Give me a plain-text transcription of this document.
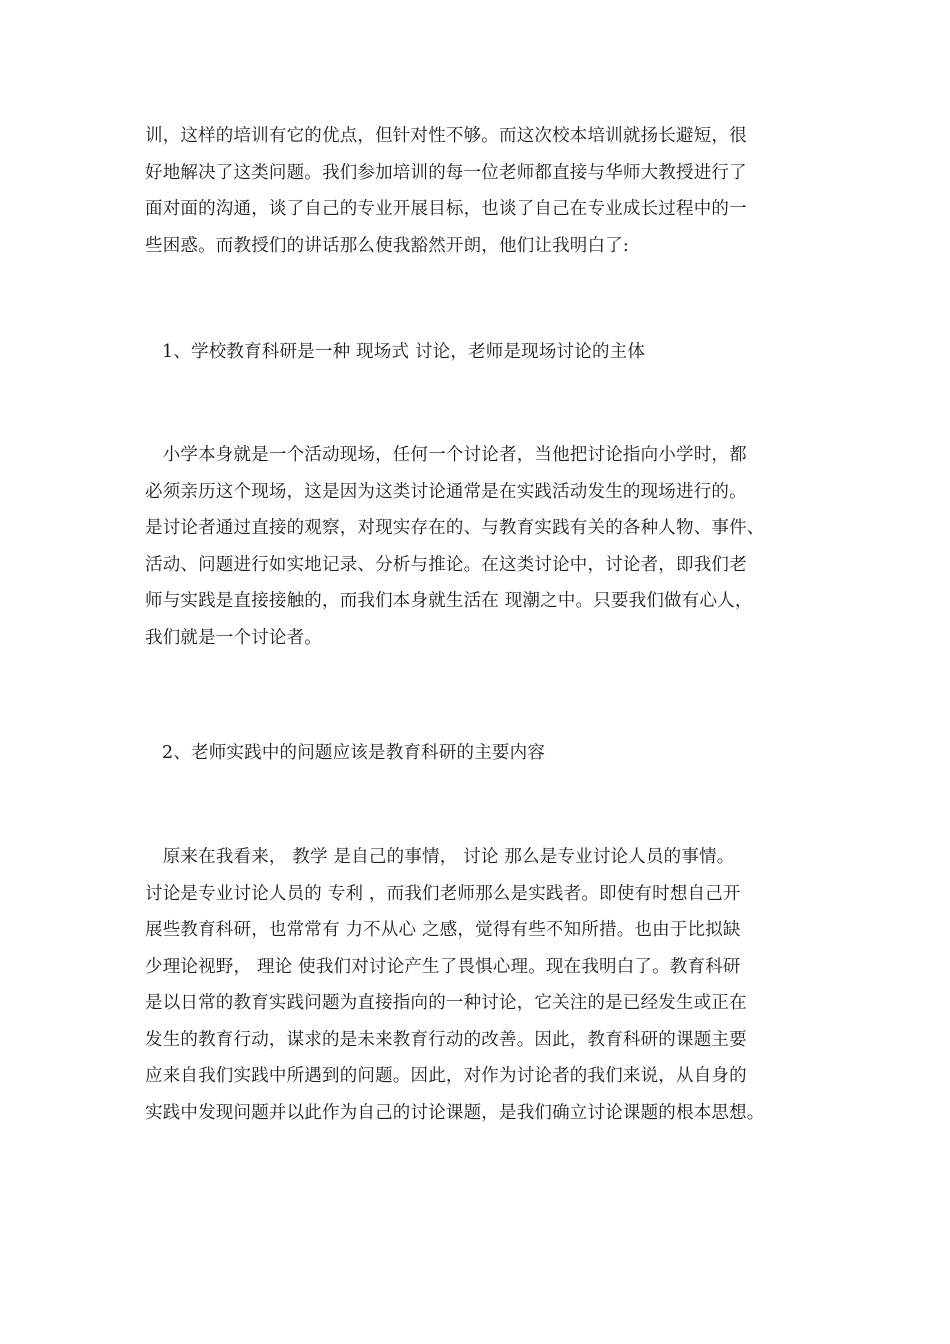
训，这样的培训有它的优点，但针对性不够。而这次校本培训就扬长避短，很
好地解决了这类问题。我们参加培训的每一位老师都直接与华师大教授进行了
面对面的沟通，谈了自己的专业开展目标，也谈了自己在专业成长过程中的一
些困惑。而教授们的讲话那么使我豁然开朗，他们让我明白了:
1、学校教育科研是一种 现场式 讨论，老师是现场讨论的主体
　小学本身就是一个活动现场，任何一个讨论者，当他把讨论指向小学时，都
必须亲历这个现场，这是因为这类讨论通常是在实践活动发生的现场进行的。
是讨论者通过直接的观察，对现实存在的、与教育实践有关的各种人物、事件、
活动、问题进行如实地记录、分析与推论。在这类讨论中，讨论者，即我们老
师与实践是直接接触的，而我们本身就生活在 现潮之中。只要我们做有心人，
我们就是一个讨论者。
2、老师实践中的问题应该是教育科研的主要内容
　原来在我看来， 教学 是自己的事情， 讨论 那么是专业讨论人员的事情。
讨论是专业讨论人员的 专利 ，而我们老师那么是实践者。即使有时想自己开
展些教育科研，也常常有 力不从心 之感，觉得有些不知所措。也由于比拟缺
少理论视野， 理论 使我们对讨论产生了畏惧心理。现在我明白了。教育科研
是以日常的教育实践问题为直接指向的一种讨论，它关注的是已经发生或正在
发生的教育行动，谋求的是未来教育行动的改善。因此，教育科研的课题主要
应来自我们实践中所遇到的问题。因此，对作为讨论者的我们来说，从自身的
实践中发现问题并以此作为自己的讨论课题，是我们确立讨论课题的根本思想。
